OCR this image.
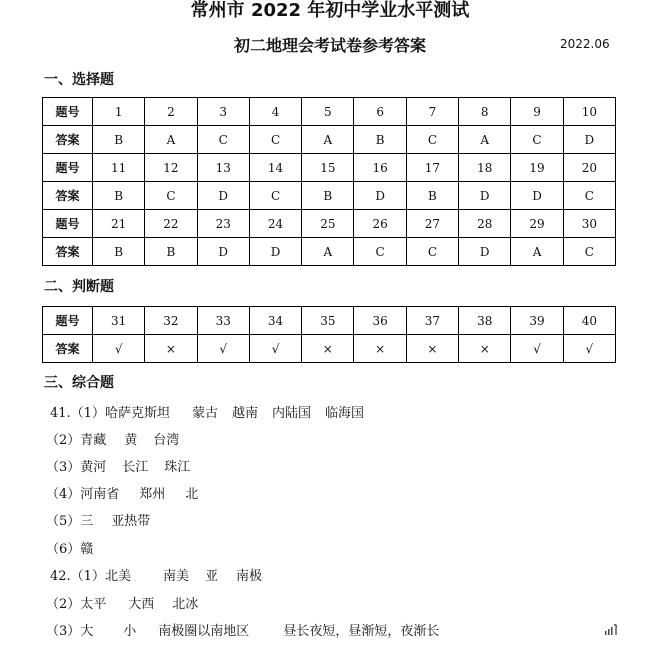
常州市 2022 年初中学业水平测试
初二地理会考试卷参考答案	2022.06
一、选择题
题号	1	2	3	4	5	6	7	8	9	10
答案	B	A	C	C	A	B	C	A	C	D
题号	11	12	13	14	15	16	17	18	19	20
答案	B	C	D	C	B	D	B	D	D	C
题号	21	22	23	24	25	26	27	28	29	30
答案	B	B	D	D	A	C	C	D	A	C
二、判断题
题号	31	32	33	34	35	36	37	38	39	40
答案	√	×	√	√	×	×	×	×	√	√
三、综合题
41.（1）哈萨克斯坦 蒙古 越南 内陆国 临海国
（2）青藏 黄 台湾
（3）黄河 长江 珠江
（4）河南省 郑州 北
（5）三 亚热带
（6）赣
42.（1）北美 南美 亚 南极
（2）太平 大西 北冰
（3）大 小 南极圈以南地区	昼长夜短，昼渐短，夜渐长
